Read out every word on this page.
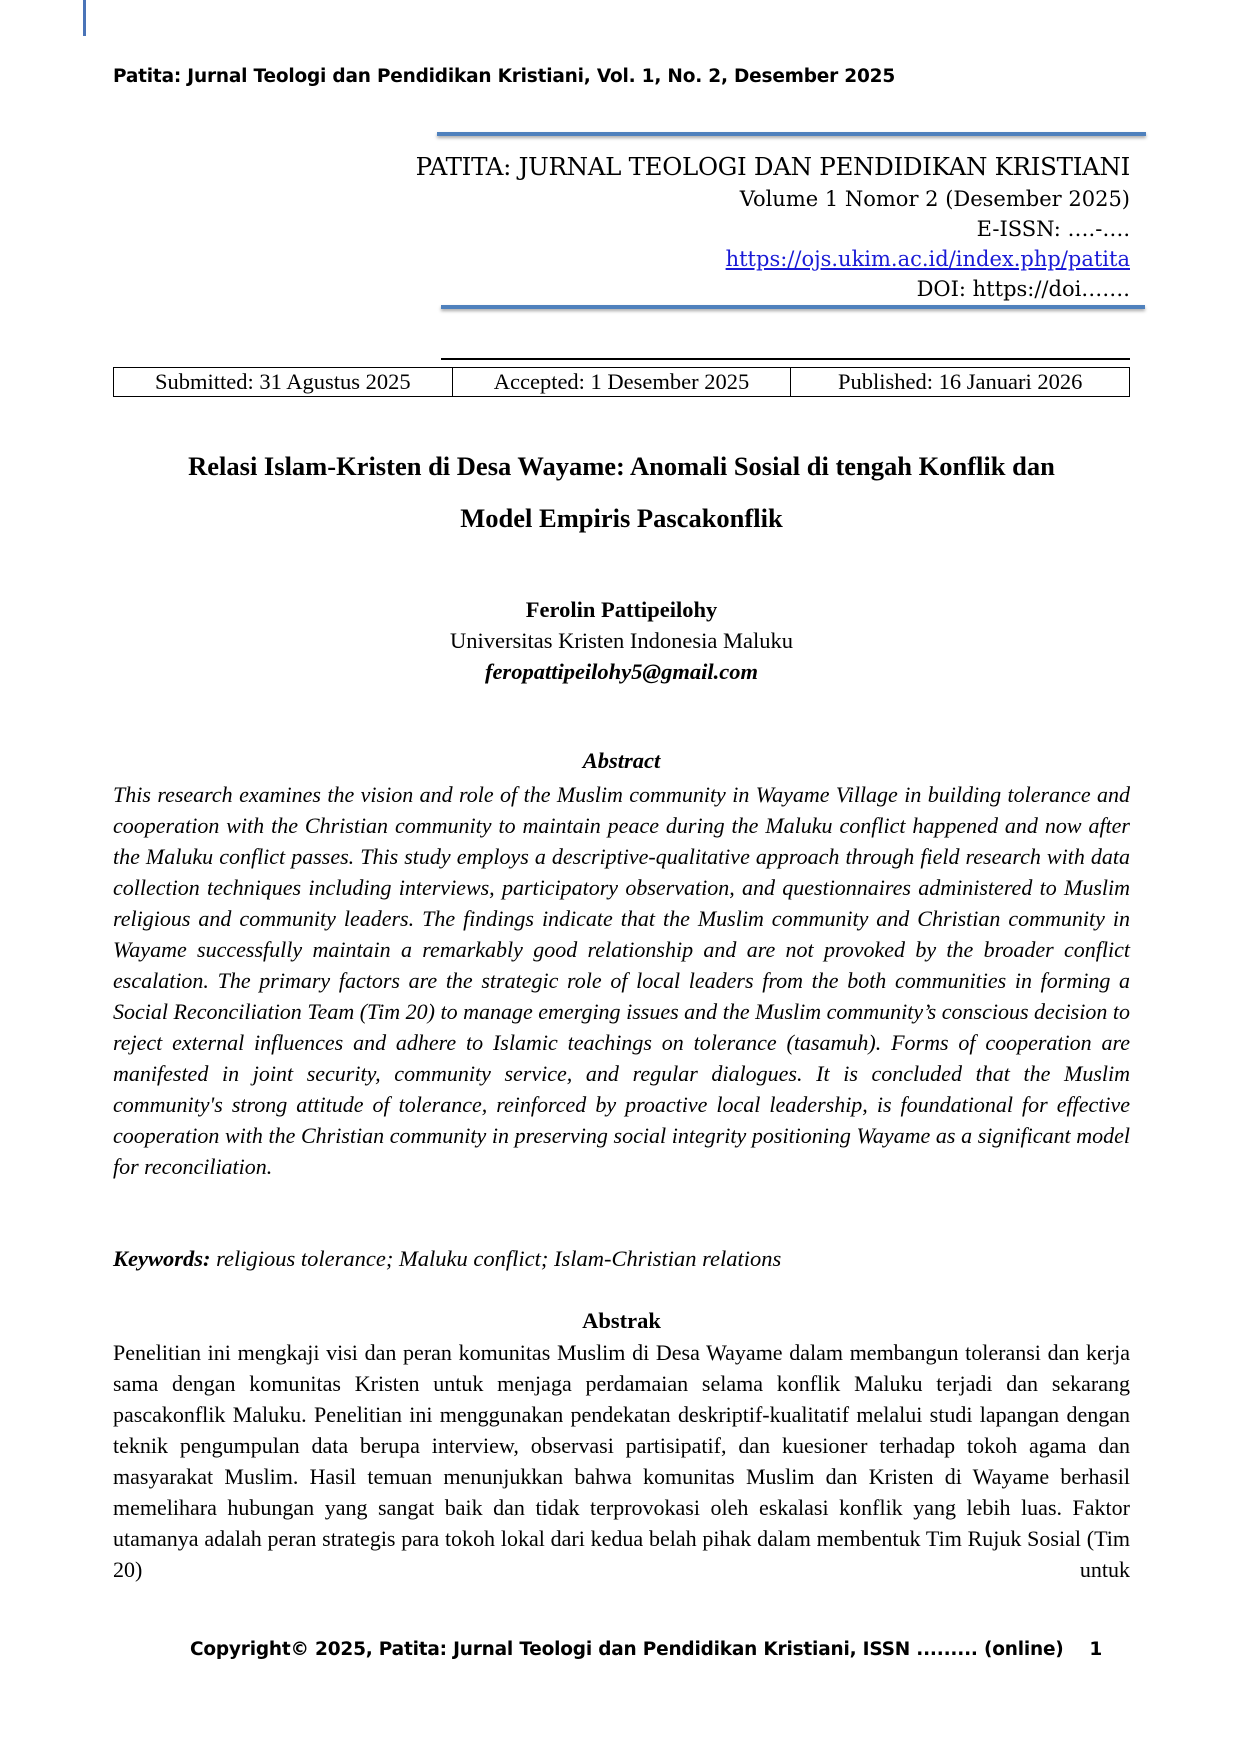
Patita: Jurnal Teologi dan Pendidikan Kristiani, Vol. 1, No. 2, Desember 2025
PATITA: JURNAL TEOLOGI DAN PENDIDIKAN KRISTIANI
Volume 1 Nomor 2 (Desember 2025)
E-ISSN: ….-….
https://ojs.ukim.ac.id/index.php/patita
DOI: https://doi…….
Submitted: 31 Agustus 2025	Accepted: 1 Desember 2025	Published: 16 Januari 2026
Relasi Islam-Kristen di Desa Wayame: Anomali Sosial di tengah Konflik dan
Model Empiris Pascakonflik
Ferolin Pattipeilohy
Universitas Kristen Indonesia Maluku
feropattipeilohy5@gmail.com
Abstract
This research examines the vision and role of the Muslim community in Wayame Village in building tolerance and cooperation with the Christian community to maintain peace during the Maluku conflict happened and now after the Maluku conflict passes. This study employs a descriptive-qualitative approach through field research with data collection techniques including interviews, participatory observation, and questionnaires administered to Muslim religious and community leaders. The findings indicate that the Muslim community and Christian community in Wayame successfully maintain a remarkably good relationship and are not provoked by the broader conflict escalation. The primary factors are the strategic role of local leaders from the both communities in forming a Social Reconciliation Team (Tim 20) to manage emerging issues and the Muslim community’s conscious decision to reject external influences and adhere to Islamic teachings on tolerance (tasamuh). Forms of cooperation are manifested in joint security, community service, and regular dialogues. It is concluded that the Muslim community's strong attitude of tolerance, reinforced by proactive local leadership, is foundational for effective cooperation with the Christian community in preserving social integrity positioning Wayame as a significant model for reconciliation.
Keywords: religious tolerance; Maluku conflict; Islam-Christian relations
Abstrak
Penelitian ini mengkaji visi dan peran komunitas Muslim di Desa Wayame dalam membangun toleransi dan kerja sama dengan komunitas Kristen untuk menjaga perdamaian selama konflik Maluku terjadi dan sekarang pascakonflik Maluku. Penelitian ini menggunakan pendekatan deskriptif-kualitatif melalui studi lapangan dengan teknik pengumpulan data berupa interview, observasi partisipatif, dan kuesioner terhadap tokoh agama dan masyarakat Muslim. Hasil temuan menunjukkan bahwa komunitas Muslim dan Kristen di Wayame berhasil memelihara hubungan yang sangat baik dan tidak terprovokasi oleh eskalasi konflik yang lebih luas. Faktor utamanya adalah peran strategis para tokoh lokal dari kedua belah pihak dalam membentuk Tim Rujuk Sosial (Tim 20) untuk
Copyright© 2025, Patita: Jurnal Teologi dan Pendidikan Kristiani, ISSN ......... (online) 1
